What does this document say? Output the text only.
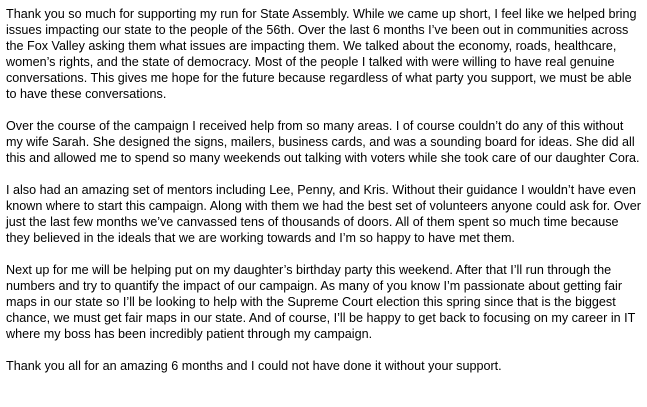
Thank you so much for supporting my run for State Assembly. While we came up short, I feel like we helped bring issues impacting our state to the people of the 56th. Over the last 6 months I’ve been out in communities across the Fox Valley asking them what issues are impacting them. We talked about the economy, roads, healthcare, women’s rights, and the state of democracy. Most of the people I talked with were willing to have real genuine conversations. This gives me hope for the future because regardless of what party you support, we must be able to have these conversations.

Over the course of the campaign I received help from so many areas. I of course couldn’t do any of this without my wife Sarah. She designed the signs, mailers, business cards, and was a sounding board for ideas. She did all this and allowed me to spend so many weekends out talking with voters while she took care of our daughter Cora.

I also had an amazing set of mentors including Lee, Penny, and Kris. Without their guidance I wouldn’t have even known where to start this campaign. Along with them we had the best set of volunteers anyone could ask for. Over just the last few months we’ve canvassed tens of thousands of doors. All of them spent so much time because they believed in the ideals that we are working towards and I’m so happy to have met them.

Next up for me will be helping put on my daughter’s birthday party this weekend. After that I’ll run through the numbers and try to quantify the impact of our campaign. As many of you know I’m passionate about getting fair maps in our state so I’ll be looking to help with the Supreme Court election this spring since that is the biggest chance, we must get fair maps in our state. And of course, I’ll be happy to get back to focusing on my career in IT where my boss has been incredibly patient through my campaign.

Thank you all for an amazing 6 months and I could not have done it without your support.
